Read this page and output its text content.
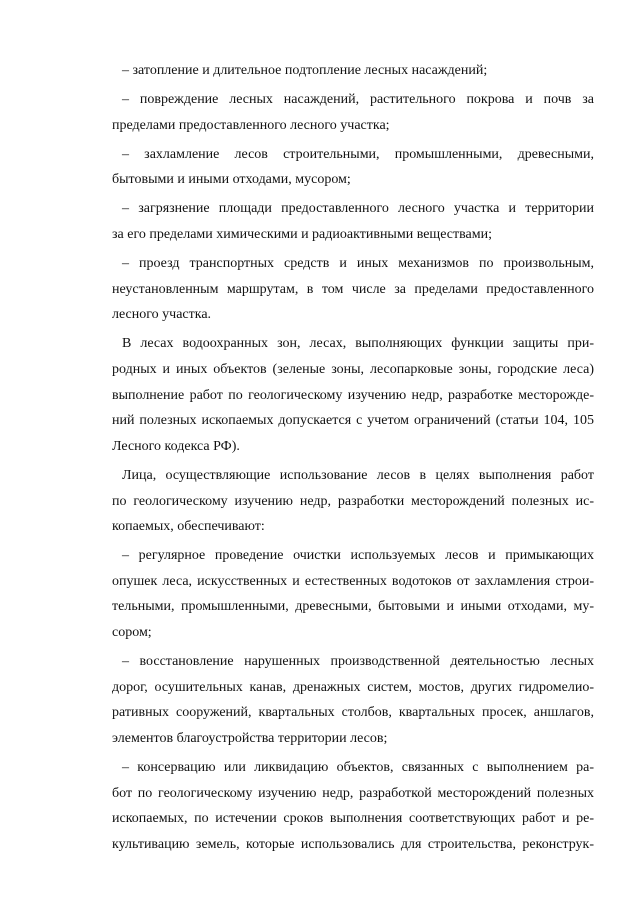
– затопление и длительное подтопление лесных насаждений;
– повреждение лесных насаждений, растительного покрова и почв за
пределами предоставленного лесного участка;
– захламление лесов строительными, промышленными, древесными,
бытовыми и иными отходами, мусором;
– загрязнение площади предоставленного лесного участка и территории
за его пределами химическими и радиоактивными веществами;
– проезд транспортных средств и иных механизмов по произвольным,
неустановленным маршрутам, в том числе за пределами предоставленного
лесного участка.
В лесах водоохранных зон, лесах, выполняющих функции защиты при-
родных и иных объектов (зеленые зоны, лесопарковые зоны, городские леса)
выполнение работ по геологическому изучению недр, разработке месторожде-
ний полезных ископаемых допускается с учетом ограничений (статьи 104, 105
Лесного кодекса РФ).
Лица, осуществляющие использование лесов в целях выполнения работ
по геологическому изучению недр, разработки месторождений полезных ис-
копаемых, обеспечивают:
– регулярное проведение очистки используемых лесов и примыкающих
опушек леса, искусственных и естественных водотоков от захламления строи-
тельными, промышленными, древесными, бытовыми и иными отходами, му-
сором;
– восстановление нарушенных производственной деятельностью лесных
дорог, осушительных канав, дренажных систем, мостов, других гидромелио-
ративных сооружений, квартальных столбов, квартальных просек, аншлагов,
элементов благоустройства территории лесов;
– консервацию или ликвидацию объектов, связанных с выполнением ра-
бот по геологическому изучению недр, разработкой месторождений полезных
ископаемых, по истечении сроков выполнения соответствующих работ и ре-
культивацию земель, которые использовались для строительства, реконструк-
